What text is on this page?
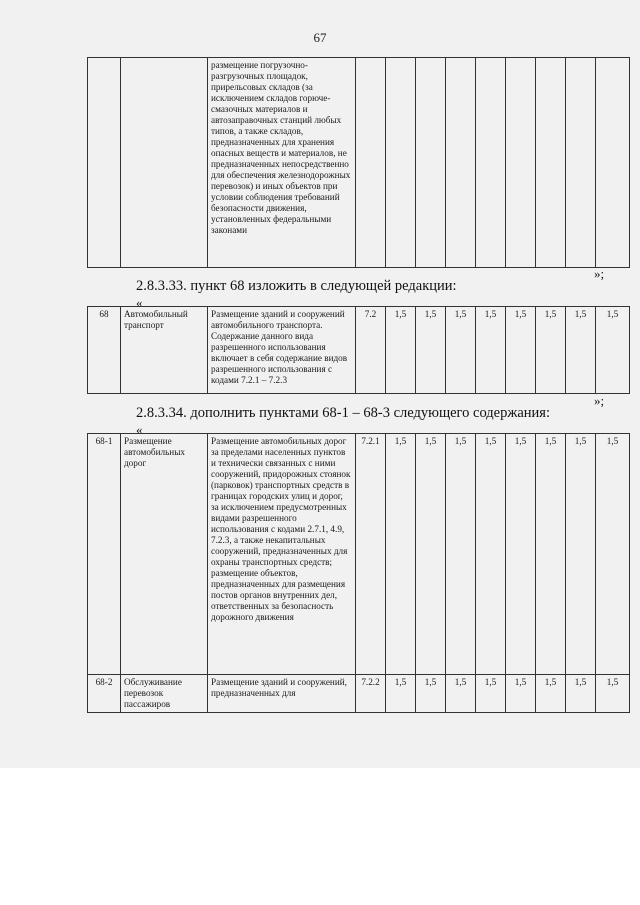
67
		размещение погрузочно-разгрузочных площадок, прирельсовых складов (за исключением складов горюче-смазочных материалов и автозаправочных станций любых типов, а также складов, предназначенных для хранения опасных веществ и материалов, не предназначенных непосредственно для обеспечения железнодорожных перевозок) и иных объектов при условии соблюдения требований безопасности движения, установленных федеральными законами									
»;
2.8.3.33. пункт 68 изложить в следующей редакции:
«
68	Автомобильный транспорт	Размещение зданий и сооружений автомобильного транспорта. Содержание данного вида разрешенного использования включает в себя содержание видов разрешенного использования с кодами 7.2.1 – 7.2.3	7.2	1,5	1,5	1,5	1,5	1,5	1,5	1,5	1,5
»;
2.8.3.34. дополнить пунктами 68-1 – 68-3 следующего содержания:
«
68-1	Размещение автомобильных дорог	Размещение автомобильных дорог за пределами населенных пунктов и технически связанных с ними сооружений, придорожных стоянок (парковок) транспортных средств в границах городских улиц и дорог, за исключением предусмотренных видами разрешенного использования с кодами 2.7.1, 4.9, 7.2.3, а также некапитальных сооружений, предназначенных для охраны транспортных средств; размещение объектов, предназначенных для размещения постов органов внутренних дел, ответственных за безопасность дорожного движения	7.2.1	1,5	1,5	1,5	1,5	1,5	1,5	1,5	1,5
68-2	Обслуживание перевозок пассажиров	Размещение зданий и сооружений, предназначенных для	7.2.2	1,5	1,5	1,5	1,5	1,5	1,5	1,5	1,5
